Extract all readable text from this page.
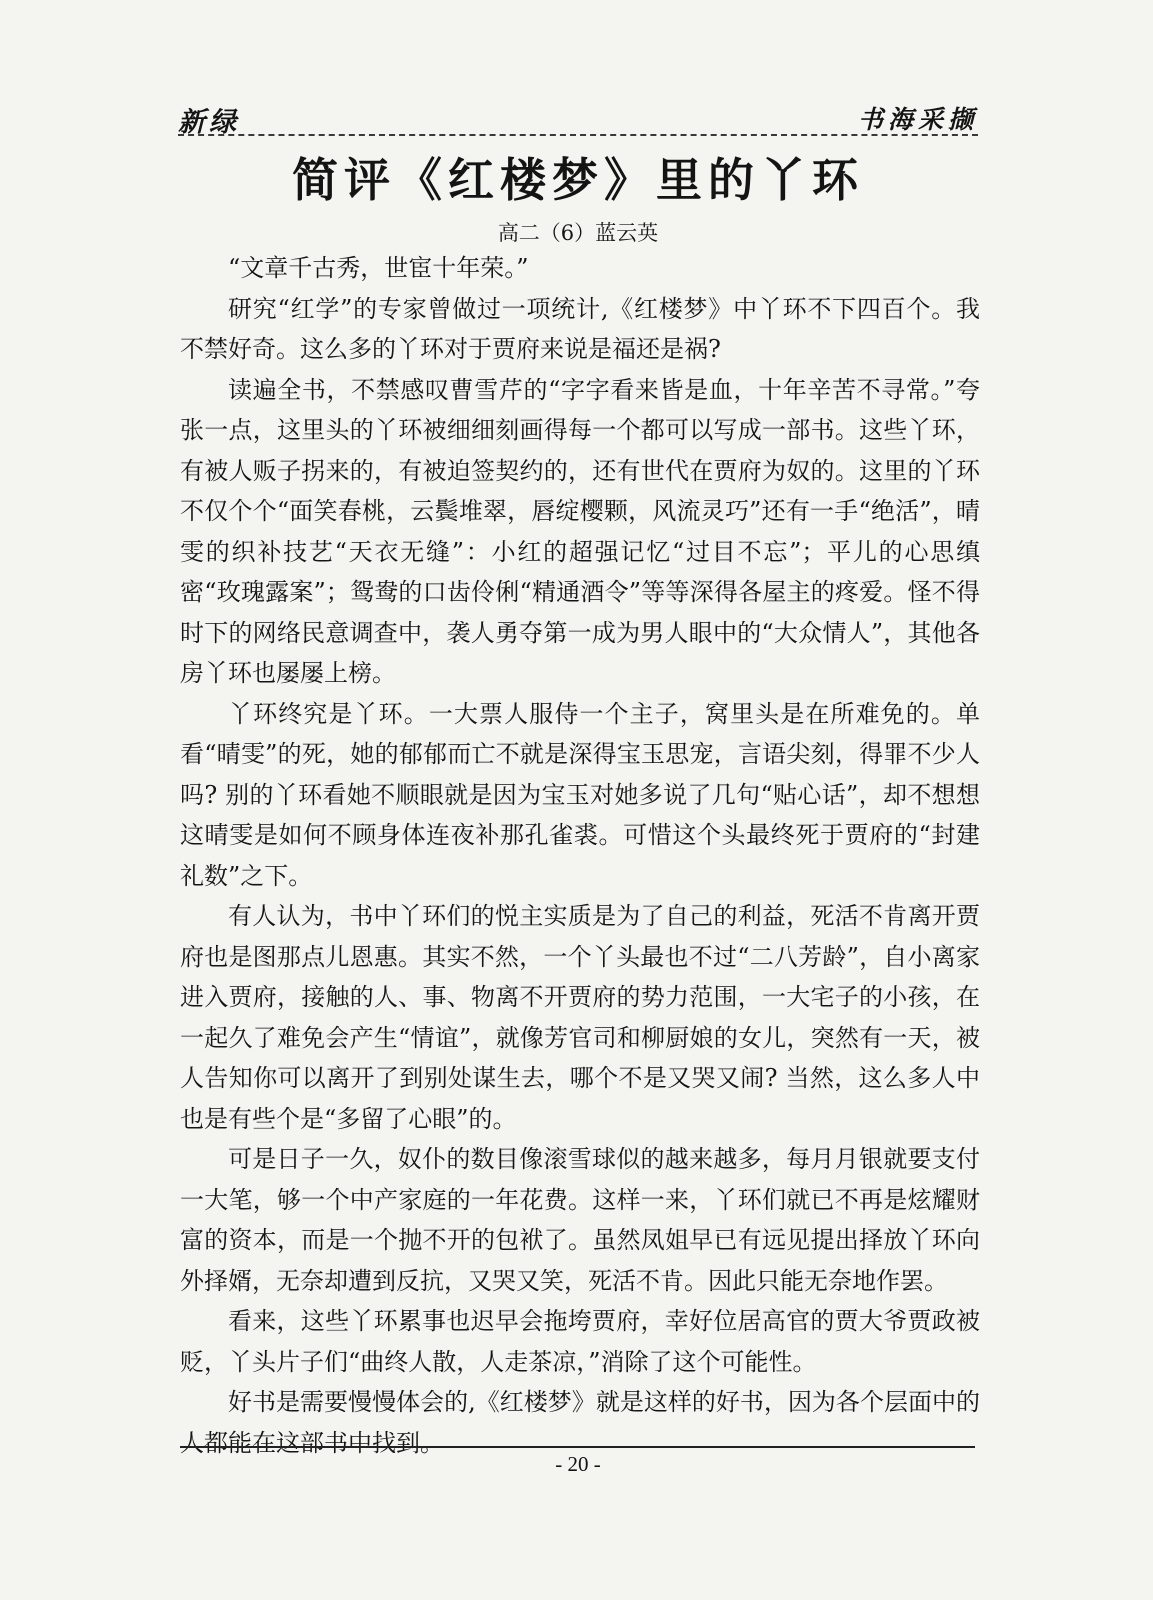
新绿	书海采撷
简评《红楼梦》里的丫环
高二（6）蓝云英

“文章千古秀，世宦十年荣。”

研究“红学”的专家曾做过一项统计,《红楼梦》中丫环不下四百个。我不禁好奇。这么多的丫环对于贾府来说是福还是祸?

读遍全书，不禁感叹曹雪芹的“字字看来皆是血，十年辛苦不寻常。”夸张一点，这里头的丫环被细细刻画得每一个都可以写成一部书。这些丫环，有被人贩子拐来的，有被迫签契约的，还有世代在贾府为奴的。这里的丫环不仅个个“面笑春桃，云鬓堆翠，唇绽樱颗，风流灵巧”还有一手“绝活”，晴雯的织补技艺“天衣无缝”：小红的超强记忆“过目不忘”；平儿的心思缜密“玫瑰露案”；鸳鸯的口齿伶俐“精通酒令”等等深得各屋主的疼爱。怪不得时下的网络民意调查中，袭人勇夺第一成为男人眼中的“大众情人”，其他各房丫环也屡屡上榜。

丫环终究是丫环。一大票人服侍一个主子，窝里头是在所难免的。单看“晴雯”的死，她的郁郁而亡不就是深得宝玉思宠，言语尖刻，得罪不少人吗? 别的丫环看她不顺眼就是因为宝玉对她多说了几句“贴心话”，却不想想这晴雯是如何不顾身体连夜补那孔雀裘。可惜这个头最终死于贾府的“封建礼数”之下。

有人认为，书中丫环们的悦主实质是为了自己的利益，死活不肯离开贾府也是图那点儿恩惠。其实不然，一个丫头最也不过“二八芳龄”，自小离家进入贾府，接触的人、事、物离不开贾府的势力范围，一大宅子的小孩，在一起久了难免会产生“情谊”，就像芳官司和柳厨娘的女儿，突然有一天，被人告知你可以离开了到别处谋生去，哪个不是又哭又闹? 当然，这么多人中也是有些个是“多留了心眼”的。

可是日子一久，奴仆的数目像滚雪球似的越来越多，每月月银就要支付一大笔，够一个中产家庭的一年花费。这样一来，丫环们就已不再是炫耀财富的资本，而是一个抛不开的包袱了。虽然凤姐早已有远见提出择放丫环向外择婿，无奈却遭到反抗，又哭又笑，死活不肯。因此只能无奈地作罢。

看来，这些丫环累事也迟早会拖垮贾府，幸好位居高官的贾大爷贾政被贬，丫头片子们“曲终人散，人走茶凉，”消除了这个可能性。

好书是需要慢慢体会的,《红楼梦》就是这样的好书，因为各个层面中的人都能在这部书中找到。

- 20 -
